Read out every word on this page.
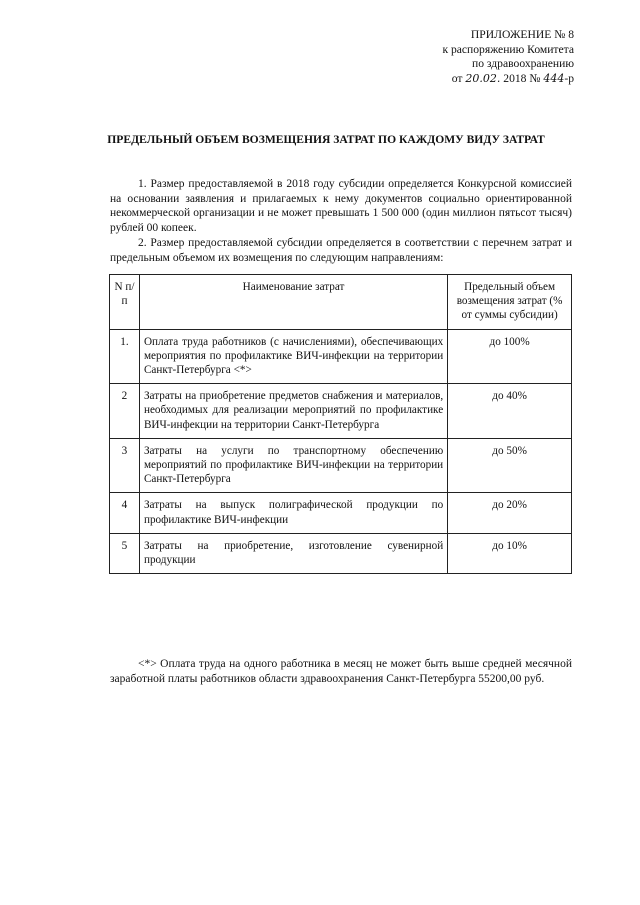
ПРИЛОЖЕНИЕ № 8
к распоряжению Комитета
по здравоохранению
от 20.02. 2018 № 444-р
ПРЕДЕЛЬНЫЙ ОБЪЕМ ВОЗМЕЩЕНИЯ ЗАТРАТ ПО КАЖДОМУ ВИДУ ЗАТРАТ
1. Размер предоставляемой в 2018 году субсидии определяется Конкурсной комиссией на основании заявления и прилагаемых к нему документов социально ориентированной некоммерческой организации и не может превышать 1 500 000 (один миллион пятьсот тысяч) рублей 00 копеек.
2. Размер предоставляемой субсидии определяется в соответствии с перечнем затрат и предельным объемом их возмещения по следующим направлениям:
N п/п	Наименование затрат	Предельный объем возмещения затрат (% от суммы субсидии)
1.	Оплата труда работников (с начислениями), обеспечивающих мероприятия по профилактике ВИЧ-инфекции на территории Санкт-Петербурга <*>	до 100%
2	Затраты на приобретение предметов снабжения и материалов, необходимых для реализации мероприятий по профилактике ВИЧ-инфекции на территории Санкт-Петербурга	до 40%
3	Затраты на услуги по транспортному обеспечению мероприятий по профилактике ВИЧ-инфекции на территории Санкт-Петербурга	до 50%
4	Затраты на выпуск полиграфической продукции по профилактике ВИЧ-инфекции	до 20%
5	Затраты на приобретение, изготовление сувенирной продукции	до 10%
<*> Оплата труда на одного работника в месяц не может быть выше средней месячной заработной платы работников области здравоохранения Санкт-Петербурга 55200,00 руб.
